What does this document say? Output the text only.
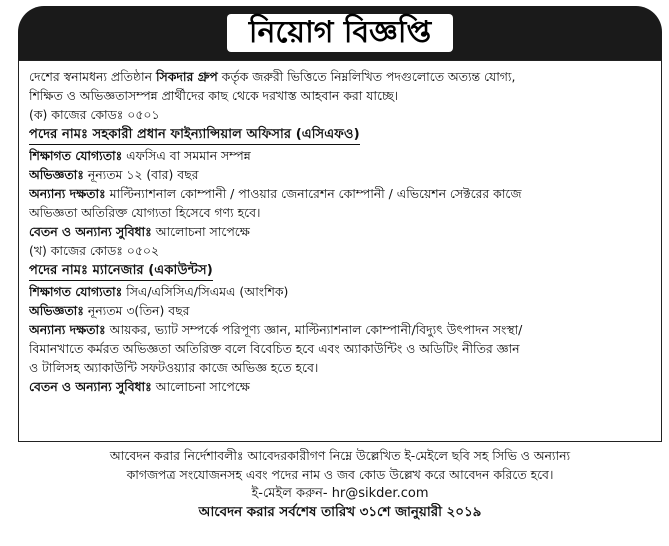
নিয়োগ বিজ্ঞপ্তি
দেশের স্বনামধন্য প্রতিষ্ঠান সিকদার গ্রুপ কর্তৃক জরুরী ভিত্তিতে নিম্নলিখিত পদগুলোতে অত্যন্ত যোগ্য,
শিক্ষিত ও অভিজ্ঞতাসম্পন্ন প্রার্থীদের কাছ থেকে দরখাস্ত আহবান করা যাচ্ছে।
(ক) কাজের কোডঃ ০৫০১
পদের নামঃ সহকারী প্রধান ফাইন্যান্সিয়াল অফিসার (এসিএফও)
শিক্ষাগত যোগ্যতাঃ এফসিএ বা সমমান সম্পন্ন
অভিজ্ঞতাঃ নূন্যতম ১২ (বার) বছর
অন্যান্য দক্ষতাঃ মাল্টিন্যাশনাল কোম্পানী / পাওয়ার জেনারেশন কোম্পানী / এভিয়েশন সেক্টরের কাজে
অভিজ্ঞতা অতিরিক্ত যোগ্যতা হিসেবে গণ্য হবে।
বেতন ও অন্যান্য সুবিধাঃ আলোচনা সাপেক্ষে
(খ) কাজের কোডঃ ০৫০২
পদের নামঃ ম্যানেজার (একাউন্টস)
শিক্ষাগত যোগ্যতাঃ সিএ/এসিসিএ/সিএমএ (আংশিক)
অভিজ্ঞতাঃ নূন্যতম ৩(তিন) বছর
অন্যান্য দক্ষতাঃ আয়কর, ভ্যাট সম্পর্কে পরিপূণ্য জ্ঞান, মাল্টিন্যাশনাল কোম্পানী/বিদ্যুৎ উৎপাদন সংস্থা/
বিমানখাতে কর্মরত অভিজ্ঞতা অতিরিক্ত বলে বিবেচিত হবে এবং অ্যাকাউন্টিং ও অডিটিং নীতির জ্ঞান
ও টালিসহ অ্যাকাউন্টি সফটওয়্যার কাজে অভিজ্ঞ হতে হবে।
বেতন ও অন্যান্য সুবিধাঃ আলোচনা সাপেক্ষে
আবেদন করার নির্দেশাবলীঃ আবেদরকারীগণ নিম্নে উল্লেখিত ই-মেইলে ছবি সহ সিভি ও অন্যান্য
কাগজপত্র সংযোজনসহ এবং পদের নাম ও জব কোড উল্লেখ করে আবেদন করিতে হবে।
ই-মেইল করুন- hr@sikder.com
আবেদন করার সর্বশেষ তারিখ ৩১শে জানুয়ারী ২০১৯
